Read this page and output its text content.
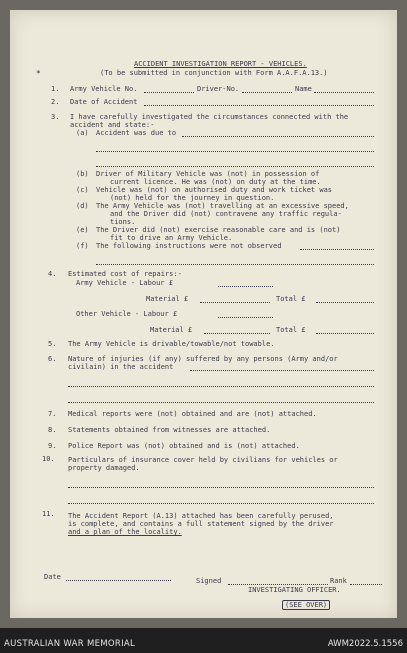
ACCIDENT INVESTIGATION REPORT - VEHICLES.
(To be submitted in conjunction with Form A.A.F.A.13.)
*
1. Army Vehicle No.	Driver-No.	Name
2. Date of Accident
3. I have carefully investigated the circumstances connected with the
accident and state:-
(a) Accident was due to
(b) Driver of Military Vehicle was (not) in possession of
current licence. He was (not) on duty at the time.
(c) Vehicle was (not) on authorised duty and work ticket was
(not) held for the journey in question.
(d) The Army Vehicle was (not) travelling at an excessive speed,
and the Driver did (not) contravene any traffic regula-
tions.
(e) The Driver did (not) exercise reasonable care and is (not)
fit to drive an Army Vehicle.
(f) The following instructions were not observed
4. Estimated cost of repairs:-
Army Vehicle - Labour £
Material £	Total £
Other Vehicle - Labour £
Material £	Total £
5. The Army Vehicle is drivable/towable/not towable.
6. Nature of injuries (if any) suffered by any persons (Army and/or
civilain) in the accident
7. Medical reports were (not) obtained and are (not) attached.
8. Statements obtained from witnesses are attached.
9. Police Report was (not) obtained and is (not) attached.
10. Particulars of insurance cover held by civilians for vehicles or
property damaged.
11. The Accident Report (A.13) attached has been carefully perused,
is complete, and contains a full statement signed by the driver
and a plan of the locality.
Date	Signed	Rank
INVESTIGATING OFFICER.
(SEE OVER)
AUSTRALIAN WAR MEMORIAL	AWM2022.5.1556
